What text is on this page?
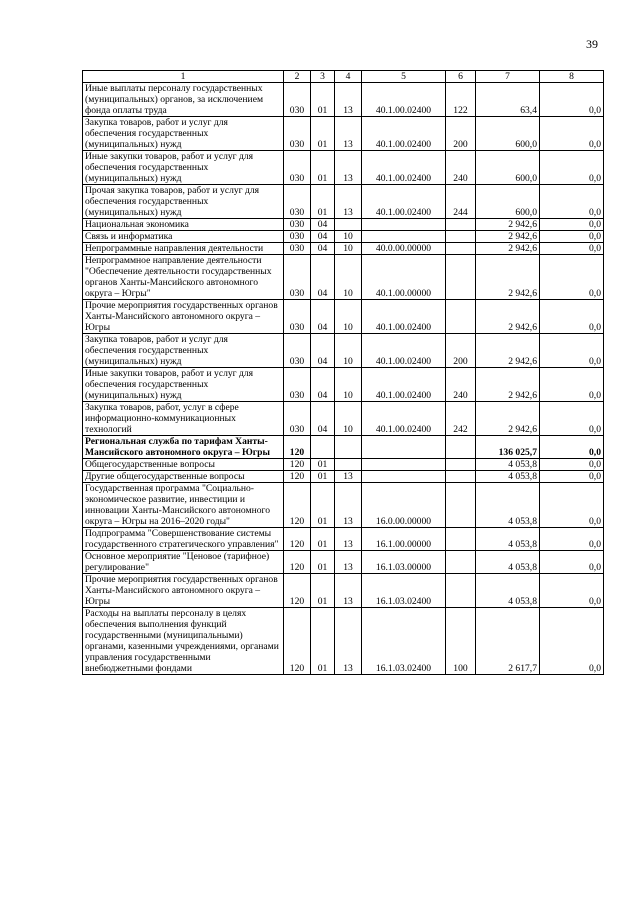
39
1	2	3	4	5	6	7	8
Иные выплаты персоналу государственных (муниципальных) органов, за исключением фонда оплаты труда	030	01	13	40.1.00.02400	122	63,4	0,0
Закупка товаров, работ и услуг для обеспечения государственных (муниципальных) нужд	030	01	13	40.1.00.02400	200	600,0	0,0
Иные закупки товаров, работ и услуг для обеспечения государственных (муниципальных) нужд	030	01	13	40.1.00.02400	240	600,0	0,0
Прочая закупка товаров, работ и услуг для обеспечения государственных (муниципальных) нужд	030	01	13	40.1.00.02400	244	600,0	0,0
Национальная экономика	030	04				2 942,6	0,0
Связь и информатика	030	04	10			2 942,6	0,0
Непрограммные направления деятельности	030	04	10	40.0.00.00000		2 942,6	0,0
Непрограммное направление деятельности "Обеспечение деятельности государственных органов Ханты-Мансийского автономного округа – Югры"	030	04	10	40.1.00.00000		2 942,6	0,0
Прочие мероприятия государственных органов Ханты-Мансийского автономного округа – Югры	030	04	10	40.1.00.02400		2 942,6	0,0
Закупка товаров, работ и услуг для обеспечения государственных (муниципальных) нужд	030	04	10	40.1.00.02400	200	2 942,6	0,0
Иные закупки товаров, работ и услуг для обеспечения государственных (муниципальных) нужд	030	04	10	40.1.00.02400	240	2 942,6	0,0
Закупка товаров, работ, услуг в сфере информационно-коммуникационных технологий	030	04	10	40.1.00.02400	242	2 942,6	0,0
Региональная служба по тарифам Ханты-Мансийского автономного округа – Югры	120					136 025,7	0,0
Общегосударственные вопросы	120	01				4 053,8	0,0
Другие общегосударственные вопросы	120	01	13			4 053,8	0,0
Государственная программа "Социально-экономическое развитие, инвестиции и инновации Ханты-Мансийского автономного округа – Югры на 2016–2020 годы"	120	01	13	16.0.00.00000		4 053,8	0,0
Подпрограмма "Совершенствование системы государственного стратегического управления"	120	01	13	16.1.00.00000		4 053,8	0,0
Основное мероприятие "Ценовое (тарифное) регулирование"	120	01	13	16.1.03.00000		4 053,8	0,0
Прочие мероприятия государственных органов Ханты-Мансийского автономного округа – Югры	120	01	13	16.1.03.02400		4 053,8	0,0
Расходы на выплаты персоналу в целях обеспечения выполнения функций государственными (муниципальными) органами, казенными учреждениями, органами управления государственными внебюджетными фондами	120	01	13	16.1.03.02400	100	2 617,7	0,0
